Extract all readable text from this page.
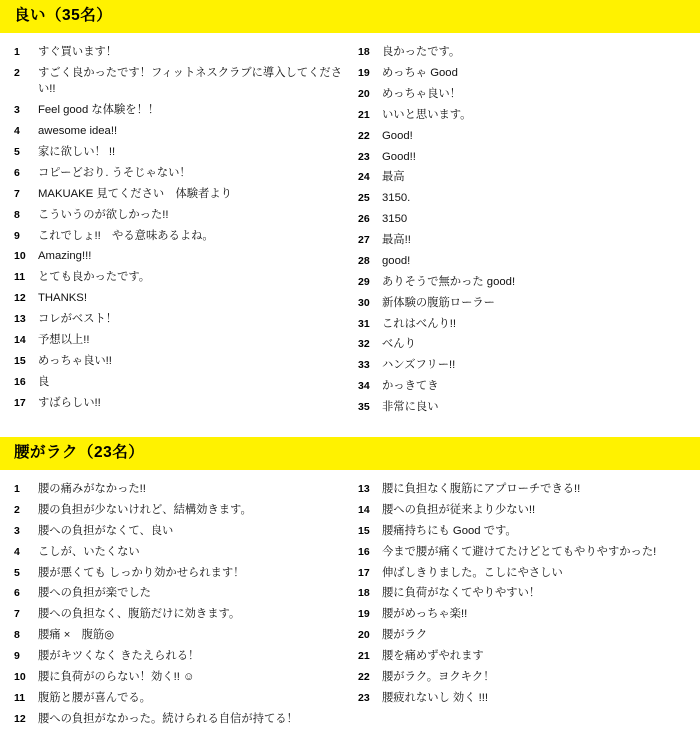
良い（35名）
1	すぐ買います！
2	すごく良かったです！フィットネスクラブに導入してください!!
3	Feel good な体験を！！
4	awesome idea!!
5	家に欲しい！ !!
6	コピーどおり. うそじゃない！
7	MAKUAKE 見てください　体験者より
8	こういうのが欲しかった!!
9	これでしょ!!　やる意味あるよね。
10	Amazing!!!
11	とても良かったです。
12	THANKS!
13	コレがベスト！
14	予想以上!!
15	めっちゃ良い!!
16	良
17	すばらしい!!
18	良かったです。
19	めっちゃ Good
20	めっちゃ良い！
21	いいと思います。
22	Good!
23	Good!!
24	最高
25	3150.
26	3150
27	最高!!
28	good!
29	ありそうで無かった good!
30	新体験の腹筋ローラー
31	これはべんり!!
32	べんり
33	ハンズフリー!!
34	かっきてき
35	非常に良い
腰がラク（23名）
1	腰の痛みがなかった!!
2	腰の負担が少ないけれど、結構効きます。
3	腰への負担がなくて、良い
4	こしが、いたくない
5	腰が悪くても しっかり効かせられます！
6	腰への負担が楽でした
7	腰への負担なく、腹筋だけに効きます。
8	腰痛 ×　腹筋◎
9	腰がキツくなく きたえられる！
10	腰に負荷がのらない！効く!! ☺
11	腹筋と腰が喜んでる。
12	腰への負担がなかった。続けられる自信が持てる！
13	腰に負担なく腹筋にアプローチできる!!
14	腰への負担が従来より少ない!!
15	腰痛持ちにも Good です。
16	今まで腰が痛くて避けてたけどとてもやりやすかった!
17	伸ばしきりました。こしにやさしい
18	腰に負荷がなくてやりやすい！
19	腰がめっちゃ楽!!
20	腰がラク
21	腰を痛めずやれます
22	腰がラク。ヨクキク！
23	腰疲れないし 効く !!!
